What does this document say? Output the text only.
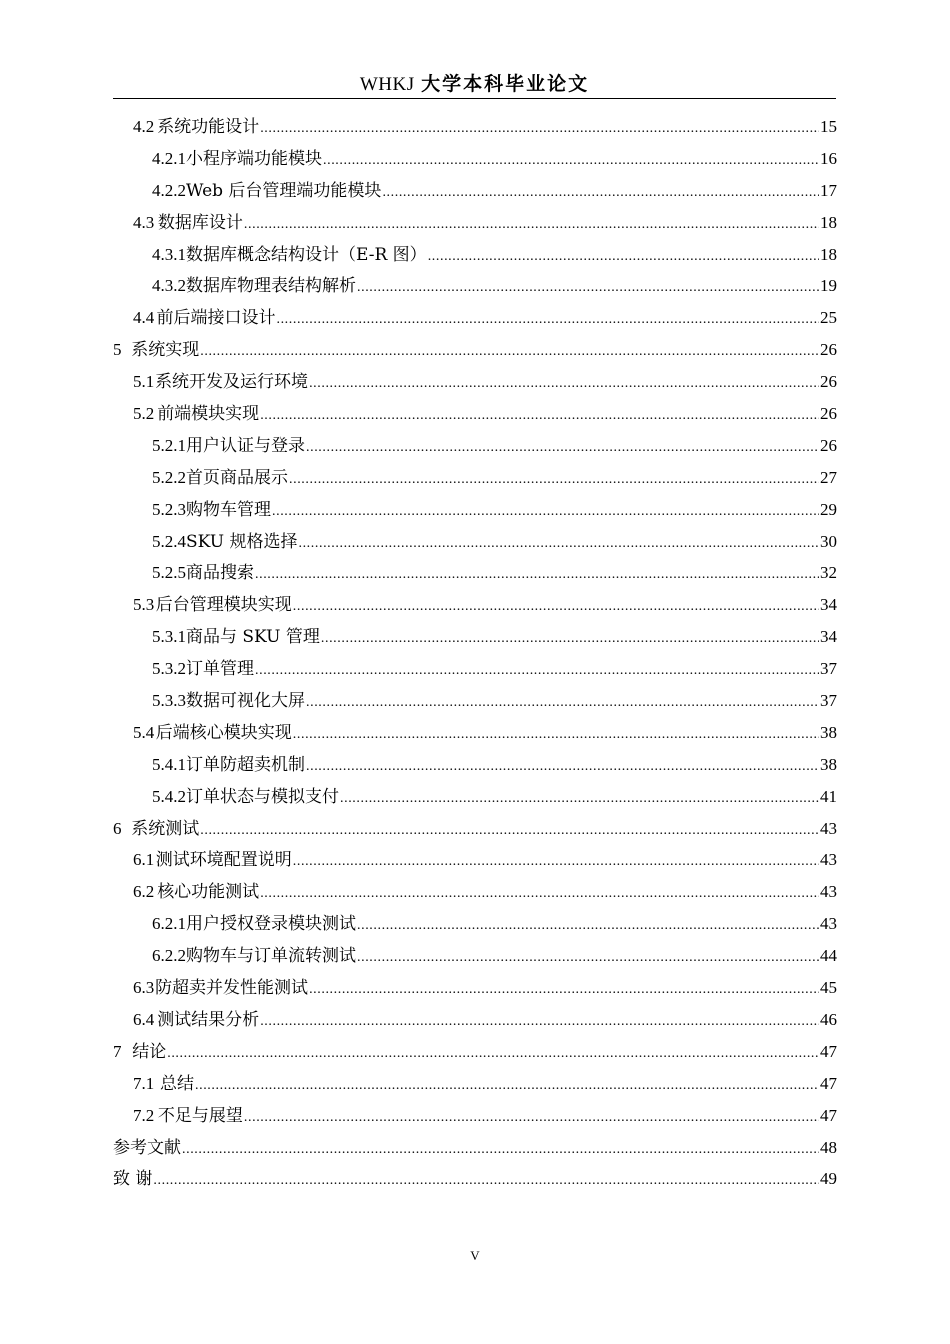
WHKJ 大学本科毕业论文
4.2 系统功能设计 .....	15
4.2.1 小程序端功能模块 .....	16
4.2.2 Web 后台管理端功能模块 .....	17
4.3 数据库设计 .....	18
4.3.1 数据库概念结构设计（E-R 图） .....	18
4.3.2 数据库物理表结构解析 .....	19
4.4 前后端接口设计 .....	25
5 系统实现 .....	26
5.1 系统开发及运行环境 .....	26
5.2 前端模块实现 .....	26
5.2.1 用户认证与登录 .....	26
5.2.2 首页商品展示 .....	27
5.2.3 购物车管理 .....	29
5.2.4 SKU 规格选择 .....	30
5.2.5 商品搜索 .....	32
5.3 后台管理模块实现 .....	34
5.3.1 商品与 SKU 管理 .....	34
5.3.2 订单管理 .....	37
5.3.3 数据可视化大屏 .....	37
5.4 后端核心模块实现 .....	38
5.4.1 订单防超卖机制 .....	38
5.4.2 订单状态与模拟支付 .....	41
6 系统测试 .....	43
6.1 测试环境配置说明 .....	43
6.2 核心功能测试 .....	43
6.2.1 用户授权登录模块测试 .....	43
6.2.2 购物车与订单流转测试 .....	44
6.3 防超卖并发性能测试 .....	45
6.4 测试结果分析 .....	46
7 结论 .....	47
7.1 总结 .....	47
7.2 不足与展望 .....	47
参考文献 .....	48
致 谢 .....	49
V
